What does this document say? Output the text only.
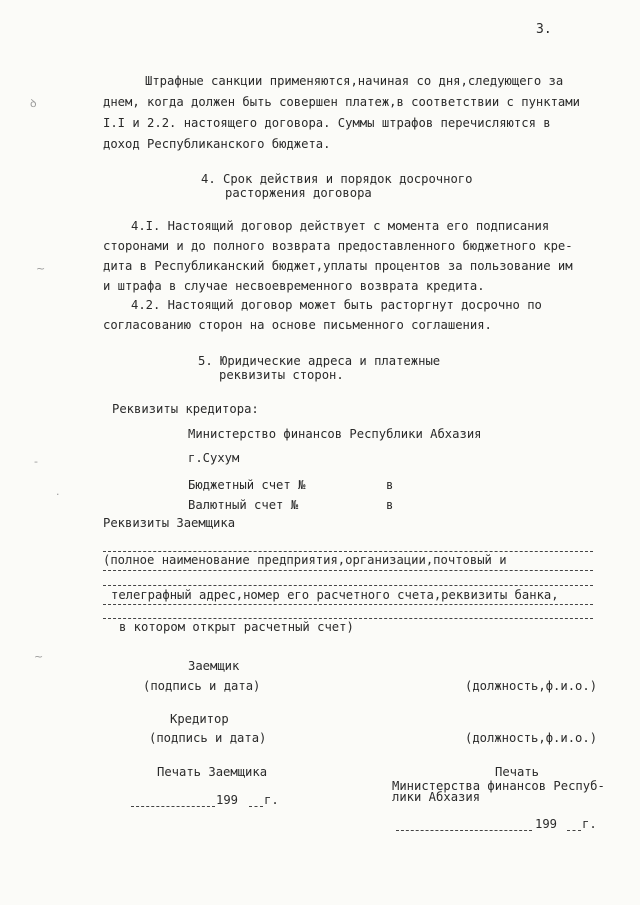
3.
ꝺ
~
-
·
~
Штрафные санкции применяются,начиная со дня,следующего за
днем, когда должен быть совершен платеж,в соответствии с пунктами
I.I и 2.2. настоящего договора. Суммы штрафов перечисляются в
доход Республиканского бюджета.
4. Срок действия и порядок досрочного
расторжения договора
4.I. Настоящий договор действует с момента его подписания
сторонами и до полного возврата предоставленного бюджетного кре-
дита в Республиканский бюджет,уплаты процентов за пользование им
и штрафа в случае несвоевременного возврата кредита.
4.2. Настоящий договор может быть расторгнут досрочно по
согласованию сторон на основе письменного соглашения.
5. Юридические адреса и платежные
реквизиты сторон.
Реквизиты кредитора:
Министерство финансов Республики Абхазия
г.Сухум
Бюджетный счет №	в
Валютный счет №	в
Реквизиты Заемщика
(полное наименование предприятия,организации,почтовый и
телеграфный адрес,номер его расчетного счета,реквизиты банка,
в котором открыт расчетный счет)
Заемщик
(подпись и дата)	(должность,ф.и.о.)
Кредитор
(подпись и дата)	(должность,ф.и.о.)
Печать Заемщика	Печать
Министерства финансов Респуб-
лики Абхазия
199 г.
199 г.
